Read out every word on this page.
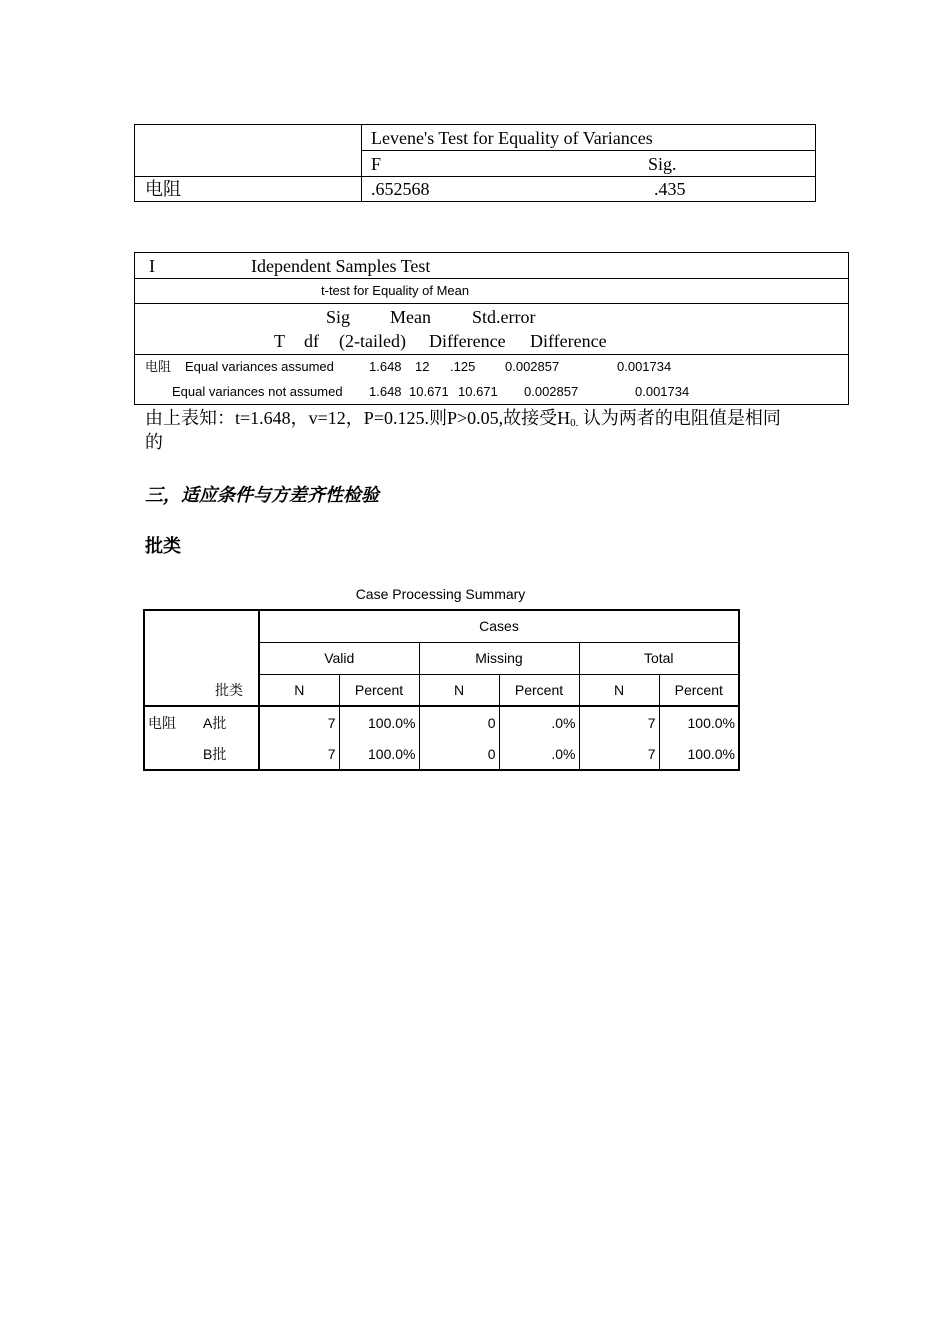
Levene's Test for Equality of Variances
F	Sig.
电阻	.652568	.435
I	Idependent Samples Test
t-test for Equality of Mean
Sig Mean Std.error
T df (2-tailed) Difference Difference
电阻 Equal variances assumed	1.648 12 .125 0.002857	0.001734
Equal variances not assumed 1.648 10.671 10.671 0.002857	0.001734
由上表知：t=1.648，v=12，P=0.125.则P>0.05,故接受H0. 认为两者的电阻值是相同
的
三，适应条件与方差齐性检验
批类
Case Processing Summary
		Cases					
		Valid		Missing		Total	
	批类	N	Percent	N	Percent	N	Percent
电阻	A批	7	100.0%	0	.0%	7	100.0%
	B批	7	100.0%	0	.0%	7	100.0%
